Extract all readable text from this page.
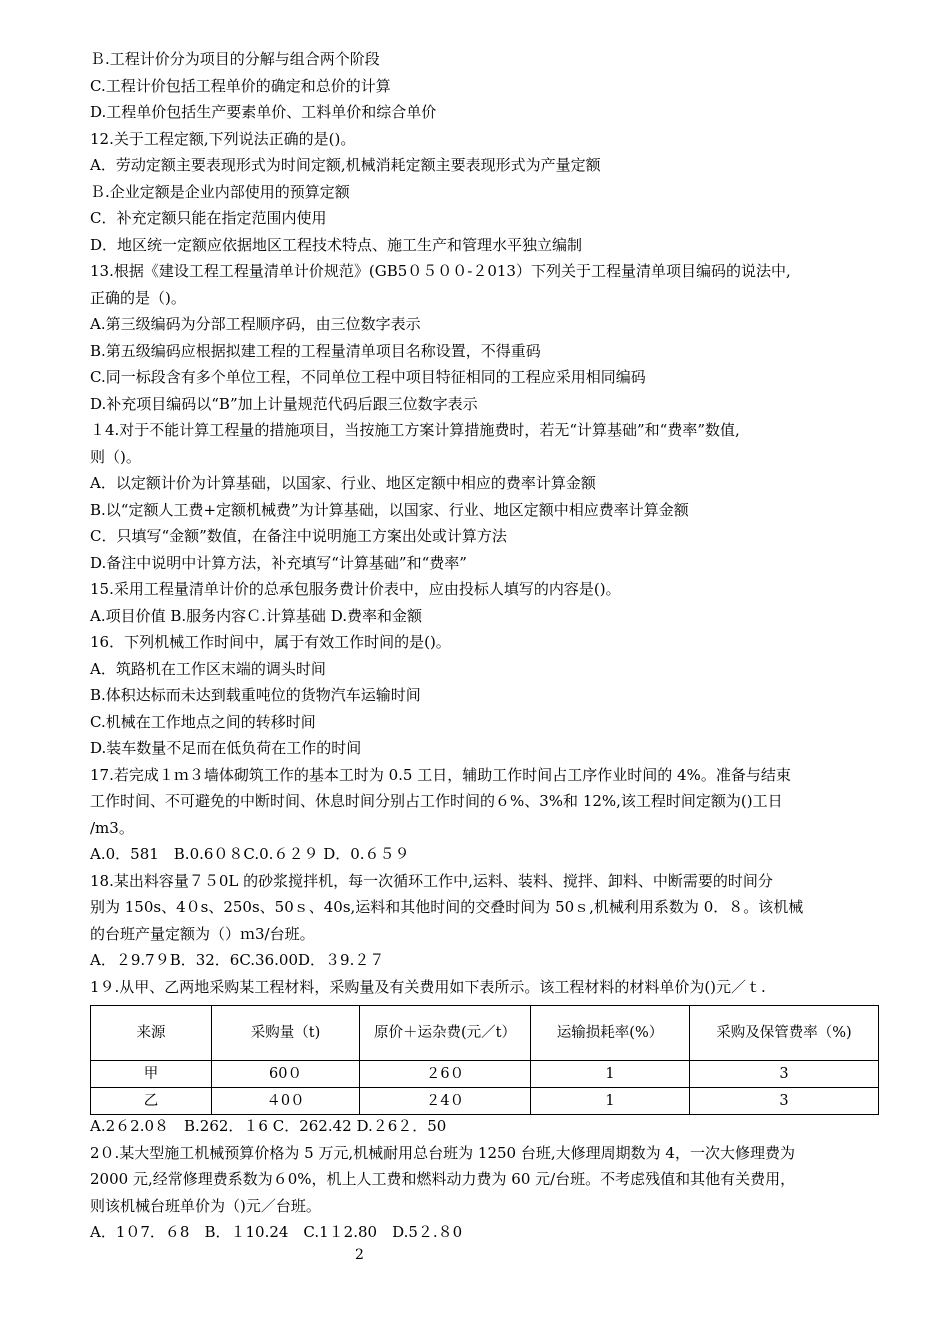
Ｂ.工程计价分为项目的分解与组合两个阶段
C.工程计价包括工程单价的确定和总价的计算
D.工程单价包括生产要素单价、工料单价和综合单价
12.关于工程定额,下列说法正确的是()。
A．劳动定额主要表现形式为时间定额,机械消耗定额主要表现形式为产量定额
Ｂ.企业定额是企业内部使用的预算定额
C．补充定额只能在指定范围内使用
D．地区统一定额应依据地区工程技术特点、施工生产和管理水平独立编制
13.根据《建设工程工程量清单计价规范》(GB5０５００-２013）下列关于工程量清单项目编码的说法中,
正确的是（)。
A.第三级编码为分部工程顺序码，由三位数字表示
B.第五级编码应根据拟建工程的工程量清单项目名称设置，不得重码
C.同一标段含有多个单位工程，不同单位工程中项目特征相同的工程应采用相同编码
D.补充项目编码以“B”加上计量规范代码后跟三位数字表示
１4.对于不能计算工程量的措施项目，当按施工方案计算措施费时，若无“计算基础”和“费率”数值,
则（)。
A．以定额计价为计算基础，以国家、行业、地区定额中相应的费率计算金额
B.以“定额人工费+定额机械费”为计算基础，以国家、行业、地区定额中相应费率计算金额
C．只填写“金额”数值，在备注中说明施工方案出处或计算方法
D.备注中说明中计算方法，补充填写“计算基础”和“费率”
15.采用工程量清单计价的总承包服务费计价表中，应由投标人填写的内容是()。
A.项目价值 B.服务内容Ｃ.计算基础 D.费率和金额
16．下列机械工作时间中，属于有效工作时间的是()。
A．筑路机在工作区末端的调头时间
B.体积达标而未达到载重吨位的货物汽车运输时间
C.机械在工作地点之间的转移时间
D.装车数量不足而在低负荷在工作的时间
17.若完成１ｍ３墙体砌筑工作的基本工时为 0.5 工日，辅助工作时间占工序作业时间的 4%。准备与结束
工作时间、不可避免的中断时间、休息时间分别占工作时间的６%、3%和 12%,该工程时间定额为()工日
/m3。
A.0．581　B.0.6０８C.0.６２９ D．0.６５９
18.某出料容量７５0L 的砂浆搅拌机，每一次循环工作中,运料、装料、搅拌、卸料、中断需要的时间分
别为 150s、4０s、250s、50ｓ、40s,运料和其他时间的交叠时间为 50ｓ,机械利用系数为 0．８。该机械
的台班产量定额为（）ｍ3/台班。
A．２9.7９B．32．6C.36.00D．３9.２７
1９.从甲、乙两地采购某工程材料，采购量及有关费用如下表所示。该工程材料的材料单价为()元／ｔ.
来源	采购量（t)	原价＋运杂费(元／t）	运输损耗率(%）	采购及保管费率（%)
甲	60０	２6０	1	3
乙	４0０	２4０	1	3
A.2６2.0８　B.262．１6 C．262.42 D.２6２．50
2０.某大型施工机械预算价格为 5 万元,机械耐用总台班为 1250 台班,大修理周期数为 4，一次大修理费为
2000 元,经常修理费系数为６0%，机上人工费和燃料动力费为 60 元/台班。不考虑残值和其他有关费用，
则该机械台班单价为（)元／台班。
A．1０7．６8　B．１10.24　C.1１2.80　D.5２.８0
2
